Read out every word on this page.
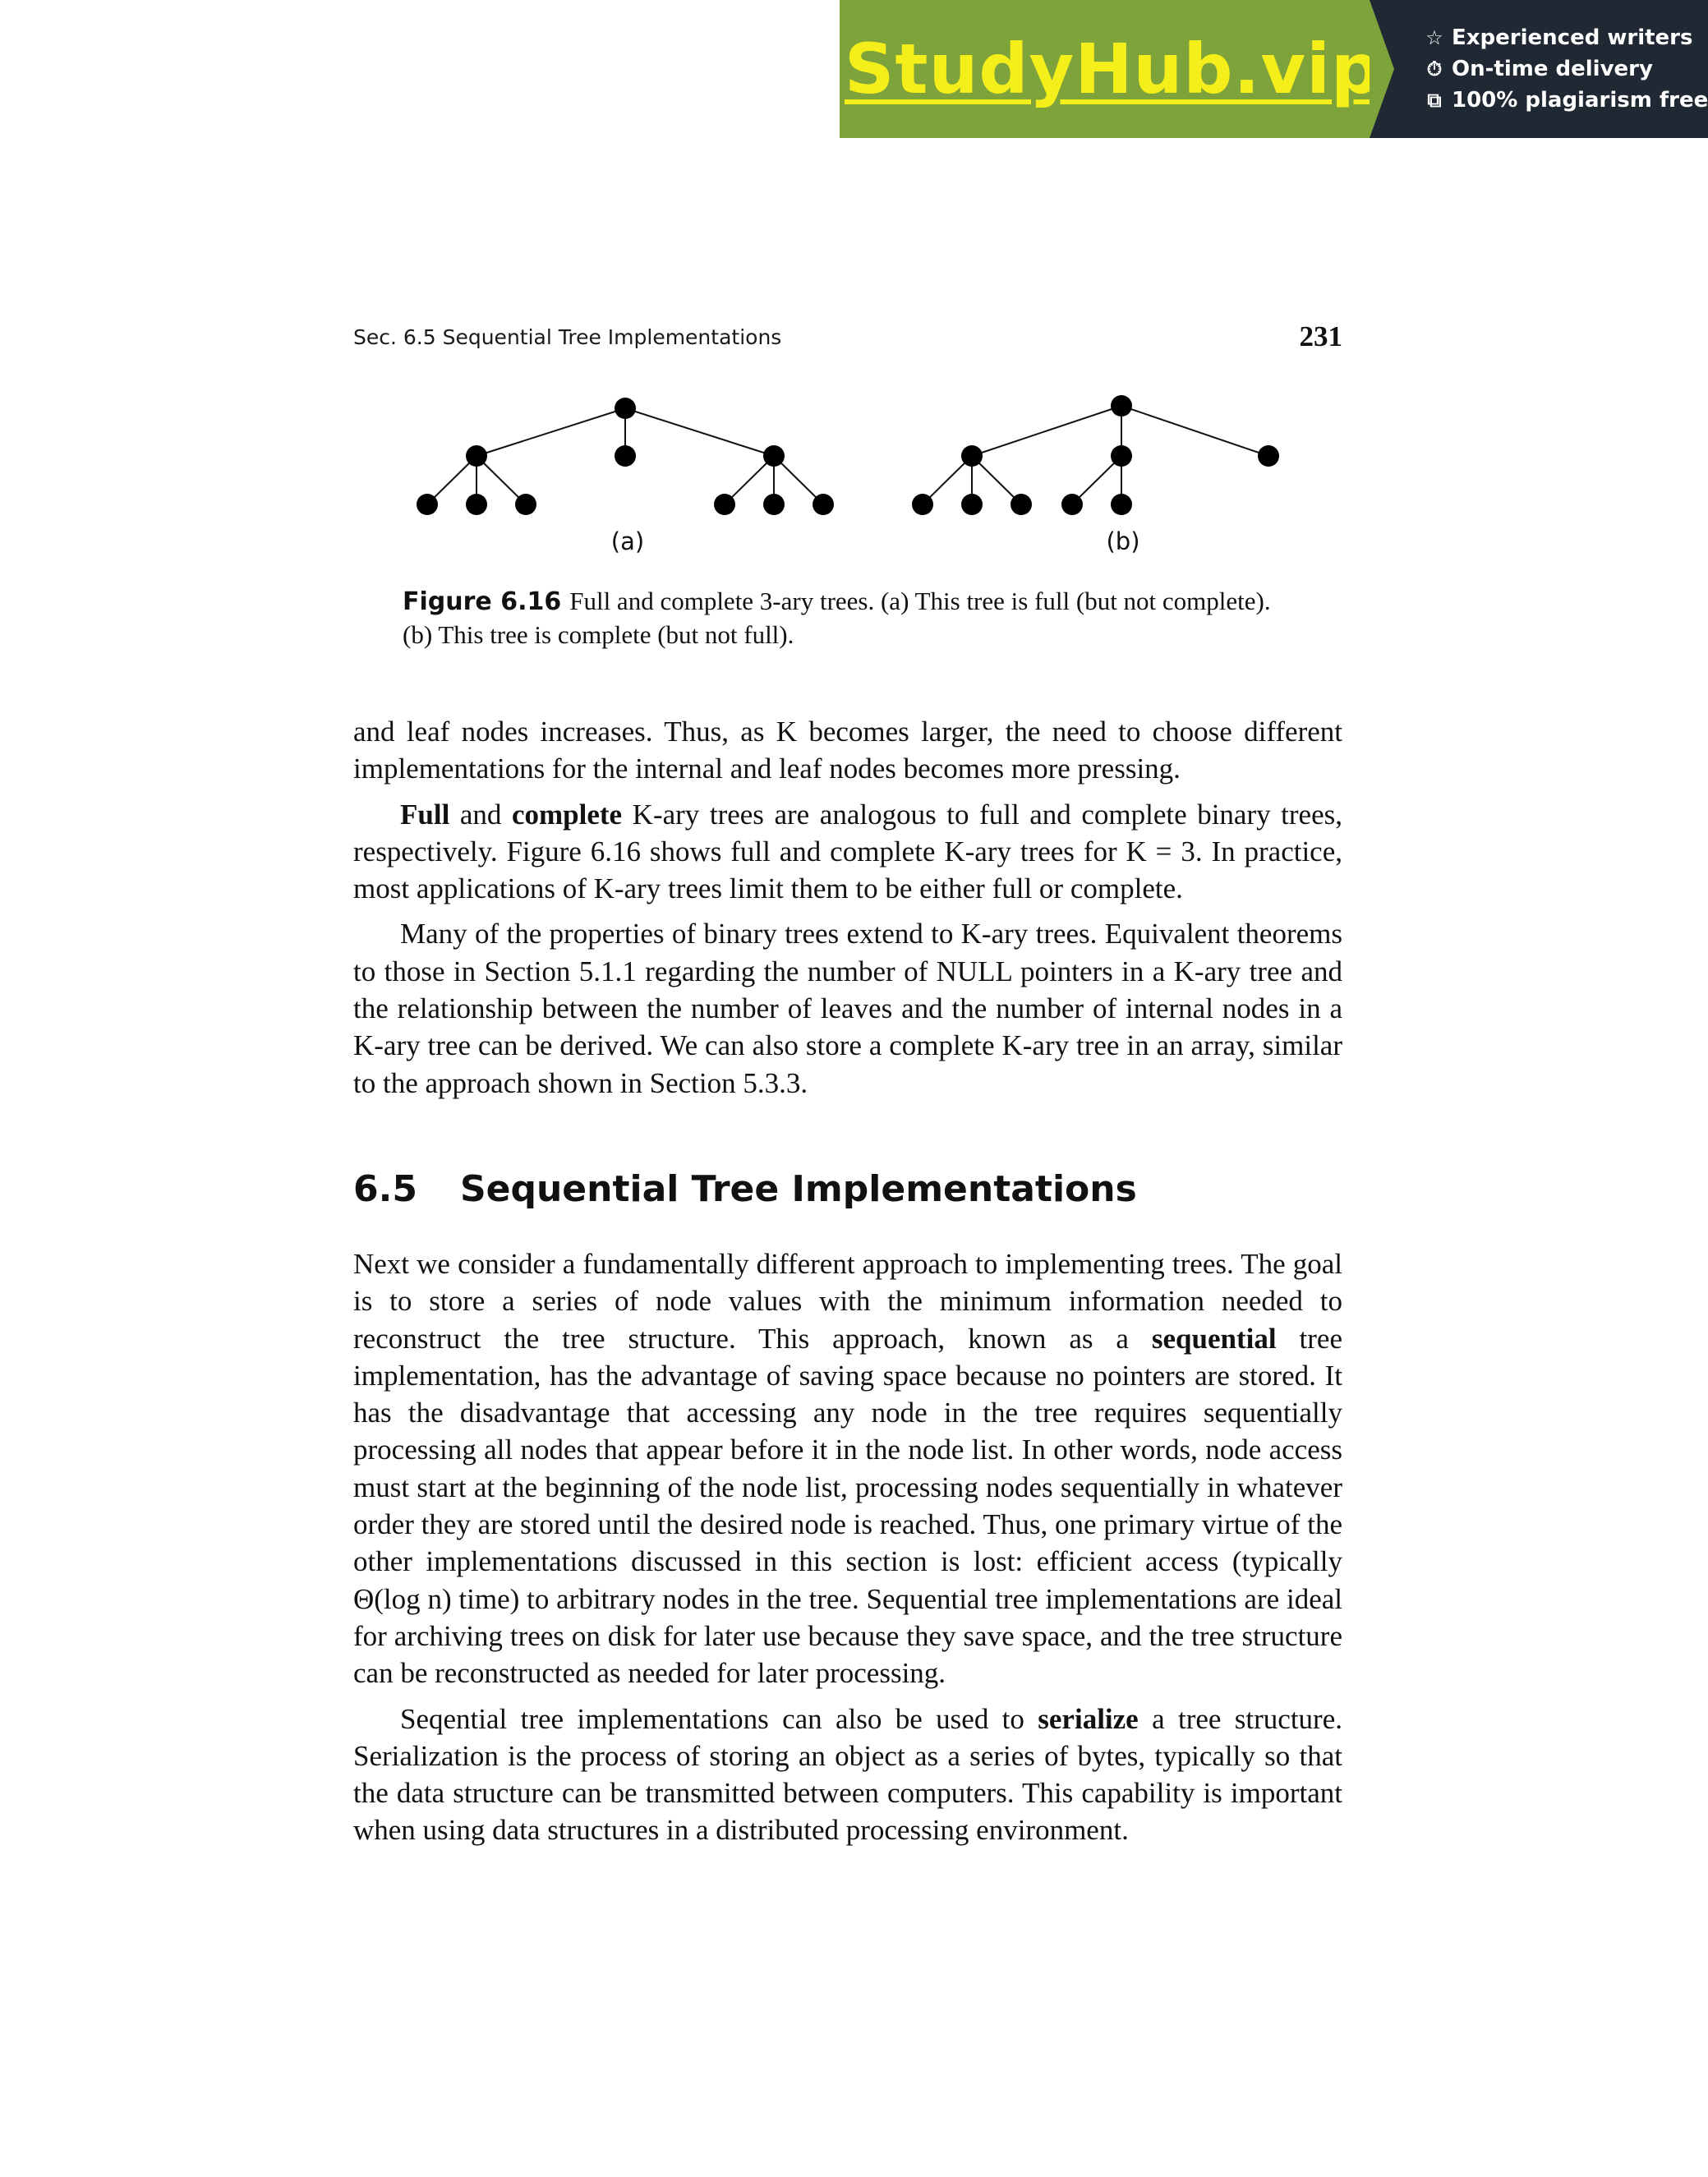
StudyHub.vip ☆ Experienced writers
⏱ On-time delivery
⧉ 100% plagiarism free
Sec. 6.5 Sequential Tree Implementations	231
(a)	(b)
Figure 6.16 Full and complete 3-ary trees. (a) This tree is full (but not complete).
(b) This tree is complete (but not full).

and leaf nodes increases. Thus, as K becomes larger, the need to choose different implementations for the internal and leaf nodes becomes more pressing.

Full and complete K-ary trees are analogous to full and complete binary trees, respectively. Figure 6.16 shows full and complete K-ary trees for K = 3. In practice, most applications of K-ary trees limit them to be either full or complete.

Many of the properties of binary trees extend to K-ary trees. Equivalent theorems to those in Section 5.1.1 regarding the number of NULL pointers in a K-ary tree and the relationship between the number of leaves and the number of internal nodes in a K-ary tree can be derived. We can also store a complete K-ary tree in an array, similar to the approach shown in Section 5.3.3.

6.5 Sequential Tree Implementations

Next we consider a fundamentally different approach to implementing trees. The goal is to store a series of node values with the minimum information needed to reconstruct the tree structure. This approach, known as a sequential tree implementation, has the advantage of saving space because no pointers are stored. It has the disadvantage that accessing any node in the tree requires sequentially processing all nodes that appear before it in the node list. In other words, node access must start at the beginning of the node list, processing nodes sequentially in whatever order they are stored until the desired node is reached. Thus, one primary virtue of the other implementations discussed in this section is lost: efficient access (typically Θ(log n) time) to arbitrary nodes in the tree. Sequential tree implementations are ideal for archiving trees on disk for later use because they save space, and the tree structure can be reconstructed as needed for later processing.

Seqential tree implementations can also be used to serialize a tree structure. Serialization is the process of storing an object as a series of bytes, typically so that the data structure can be transmitted between computers. This capability is important when using data structures in a distributed processing environment.
